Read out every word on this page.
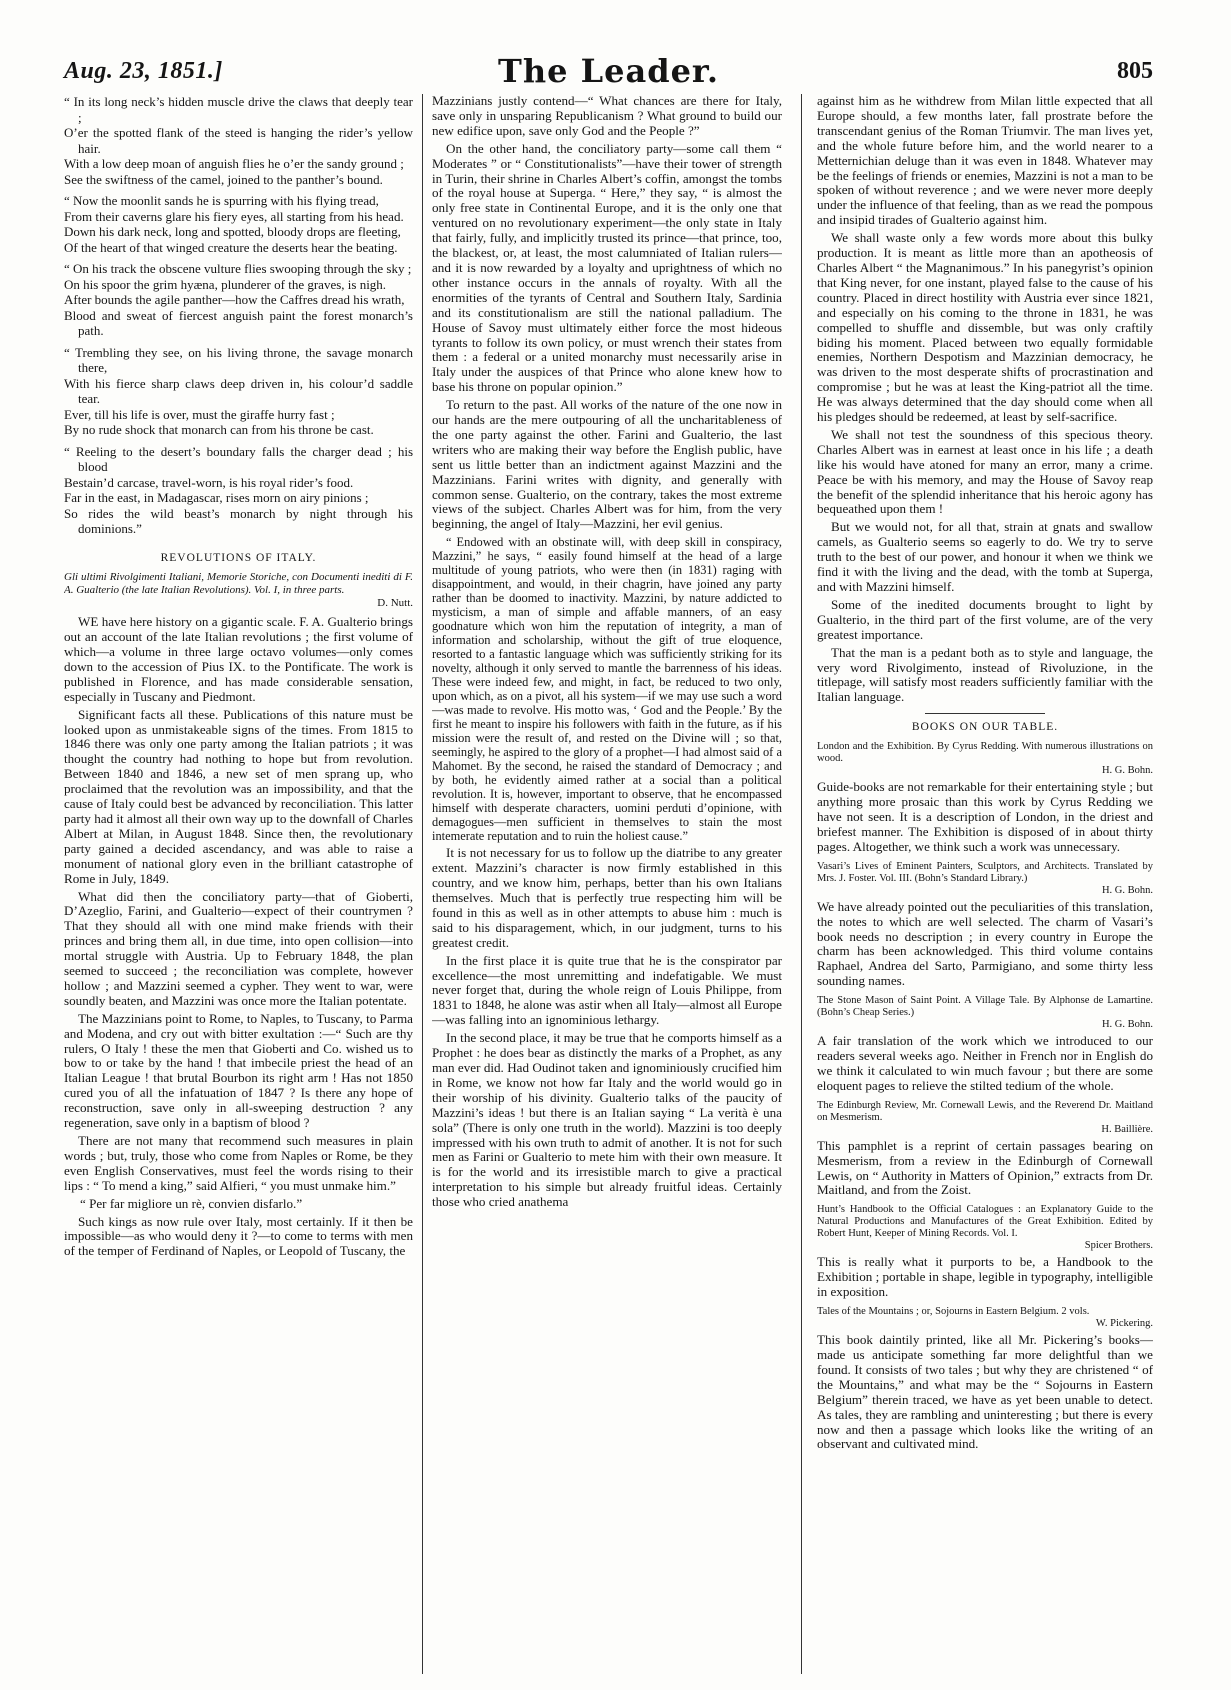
Aug. 23, 1851.]	The Leader.	805

“ In its long neck’s hidden muscle drive the claws that deeply tear ;

O’er the spotted flank of the steed is hanging the rider’s yellow hair.

With a low deep moan of anguish flies he o’er the sandy ground ;

See the swiftness of the camel, joined to the panther’s bound.

“ Now the moonlit sands he is spurring with his flying tread,

From their caverns glare his fiery eyes, all starting from his head.

Down his dark neck, long and spotted, bloody drops are fleeting,

Of the heart of that winged creature the deserts hear the beating.

“ On his track the obscene vulture flies swooping through the sky ;

On his spoor the grim hyæna, plunderer of the graves, is nigh.

After bounds the agile panther—how the Caffres dread his wrath,

Blood and sweat of fiercest anguish paint the forest monarch’s path.

“ Trembling they see, on his living throne, the savage monarch there,

With his fierce sharp claws deep driven in, his colour’d saddle tear.

Ever, till his life is over, must the giraffe hurry fast ;

By no rude shock that monarch can from his throne be cast.

“ Reeling to the desert’s boundary falls the charger dead ; his blood

Bestain’d carcase, travel-worn, is his royal rider’s food.

Far in the east, in Madagascar, rises morn on airy pinions ;

So rides the wild beast’s monarch by night through his dominions.”

REVOLUTIONS OF ITALY.

Gli ultimi Rivolgimenti Italiani, Memorie Storiche, con Documenti inediti di F. A. Gualterio (the late Italian Revolutions). Vol. I, in three parts.
D. Nutt.

WE have here history on a gigantic scale. F. A. Gualterio brings out an account of the late Italian revolutions ; the first volume of which—a volume in three large octavo volumes—only comes down to the accession of Pius IX. to the Pontificate. The work is published in Florence, and has made considerable sensation, especially in Tuscany and Piedmont.

Significant facts all these. Publications of this nature must be looked upon as unmistakeable signs of the times. From 1815 to 1846 there was only one party among the Italian patriots ; it was thought the country had nothing to hope but from revolution. Between 1840 and 1846, a new set of men sprang up, who proclaimed that the revolution was an impossibility, and that the cause of Italy could best be advanced by reconciliation. This latter party had it almost all their own way up to the downfall of Charles Albert at Milan, in August 1848. Since then, the revolutionary party gained a decided ascendancy, and was able to raise a monument of national glory even in the brilliant catastrophe of Rome in July, 1849.

What did then the conciliatory party—that of Gioberti, D’Azeglio, Farini, and Gualterio—expect of their countrymen ? That they should all with one mind make friends with their princes and bring them all, in due time, into open collision—into mortal struggle with Austria. Up to February 1848, the plan seemed to succeed ; the reconciliation was complete, however hollow ; and Mazzini seemed a cypher. They went to war, were soundly beaten, and Mazzini was once more the Italian potentate.

The Mazzinians point to Rome, to Naples, to Tuscany, to Parma and Modena, and cry out with bitter exultation :—“ Such are thy rulers, O Italy ! these the men that Gioberti and Co. wished us to bow to or take by the hand ! that imbecile priest the head of an Italian League ! that brutal Bourbon its right arm ! Has not 1850 cured you of all the infatuation of 1847 ? Is there any hope of reconstruction, save only in all-sweeping destruction ? any regeneration, save only in a baptism of blood ?

There are not many that recommend such measures in plain words ; but, truly, those who come from Naples or Rome, be they even English Conservatives, must feel the words rising to their lips : “ To mend a king,” said Alfieri, “ you must unmake him.”

“ Per far migliore un rè, convien disfarlo.”

Such kings as now rule over Italy, most certainly. If it then be impossible—as who would deny it ?—to come to terms with men of the temper of Ferdinand of Naples, or Leopold of Tuscany, the

Mazzinians justly contend—“ What chances are there for Italy, save only in unsparing Republicanism ? What ground to build our new edifice upon, save only God and the People ?”

On the other hand, the conciliatory party—some call them “ Moderates ” or “ Constitutionalists”—have their tower of strength in Turin, their shrine in Charles Albert’s coffin, amongst the tombs of the royal house at Superga. “ Here,” they say, “ is almost the only free state in Continental Europe, and it is the only one that ventured on no revolutionary experiment—the only state in Italy that fairly, fully, and implicitly trusted its prince—that prince, too, the blackest, or, at least, the most calumniated of Italian rulers—and it is now rewarded by a loyalty and uprightness of which no other instance occurs in the annals of royalty. With all the enormities of the tyrants of Central and Southern Italy, Sardinia and its constitutionalism are still the national palladium. The House of Savoy must ultimately either force the most hideous tyrants to follow its own policy, or must wrench their states from them : a federal or a united monarchy must necessarily arise in Italy under the auspices of that Prince who alone knew how to base his throne on popular opinion.”

To return to the past. All works of the nature of the one now in our hands are the mere outpouring of all the uncharitableness of the one party against the other. Farini and Gualterio, the last writers who are making their way before the English public, have sent us little better than an indictment against Mazzini and the Mazzinians. Farini writes with dignity, and generally with common sense. Gualterio, on the contrary, takes the most extreme views of the subject. Charles Albert was for him, from the very beginning, the angel of Italy—Mazzini, her evil genius.

“ Endowed with an obstinate will, with deep skill in conspiracy, Mazzini,” he says, “ easily found himself at the head of a large multitude of young patriots, who were then (in 1831) raging with disappointment, and would, in their chagrin, have joined any party rather than be doomed to inactivity. Mazzini, by nature addicted to mysticism, a man of simple and affable manners, of an easy goodnature which won him the reputation of integrity, a man of information and scholarship, without the gift of true eloquence, resorted to a fantastic language which was sufficiently striking for its novelty, although it only served to mantle the barrenness of his ideas. These were indeed few, and might, in fact, be reduced to two only, upon which, as on a pivot, all his system—if we may use such a word—was made to revolve. His motto was, ‘ God and the People.’ By the first he meant to inspire his followers with faith in the future, as if his mission were the result of, and rested on the Divine will ; so that, seemingly, he aspired to the glory of a prophet—I had almost said of a Mahomet. By the second, he raised the standard of Democracy ; and by both, he evidently aimed rather at a social than a political revolution. It is, however, important to observe, that he encompassed himself with desperate characters, uomini perduti d’opinione, with demagogues—men sufficient in themselves to stain the most intemerate reputation and to ruin the holiest cause.”

It is not necessary for us to follow up the diatribe to any greater extent. Mazzini’s character is now firmly established in this country, and we know him, perhaps, better than his own Italians themselves. Much that is perfectly true respecting him will be found in this as well as in other attempts to abuse him : much is said to his disparagement, which, in our judgment, turns to his greatest credit.

In the first place it is quite true that he is the conspirator par excellence—the most unremitting and indefatigable. We must never forget that, during the whole reign of Louis Philippe, from 1831 to 1848, he alone was astir when all Italy—almost all Europe—was falling into an ignominious lethargy.

In the second place, it may be true that he comports himself as a Prophet : he does bear as distinctly the marks of a Prophet, as any man ever did. Had Oudinot taken and ignominiously crucified him in Rome, we know not how far Italy and the world would go in their worship of his divinity. Gualterio talks of the paucity of Mazzini’s ideas ! but there is an Italian saying “ La verità è una sola” (There is only one truth in the world). Mazzini is too deeply impressed with his own truth to admit of another. It is not for such men as Farini or Gualterio to mete him with their own measure. It is for the world and its irresistible march to give a practical interpretation to his simple but already fruitful ideas. Certainly those who cried anathema

against him as he withdrew from Milan little expected that all Europe should, a few months later, fall prostrate before the transcendant genius of the Roman Triumvir. The man lives yet, and the whole future before him, and the world nearer to a Metternichian deluge than it was even in 1848. Whatever may be the feelings of friends or enemies, Mazzini is not a man to be spoken of without reverence ; and we were never more deeply under the influence of that feeling, than as we read the pompous and insipid tirades of Gualterio against him.

We shall waste only a few words more about this bulky production. It is meant as little more than an apotheosis of Charles Albert “ the Magnanimous.” In his panegyrist’s opinion that King never, for one instant, played false to the cause of his country. Placed in direct hostility with Austria ever since 1821, and especially on his coming to the throne in 1831, he was compelled to shuffle and dissemble, but was only craftily biding his moment. Placed between two equally formidable enemies, Northern Despotism and Mazzinian democracy, he was driven to the most desperate shifts of procrastination and compromise ; but he was at least the King-patriot all the time. He was always determined that the day should come when all his pledges should be redeemed, at least by self-sacrifice.

We shall not test the soundness of this specious theory. Charles Albert was in earnest at least once in his life ; a death like his would have atoned for many an error, many a crime. Peace be with his memory, and may the House of Savoy reap the benefit of the splendid inheritance that his heroic agony has bequeathed upon them !

But we would not, for all that, strain at gnats and swallow camels, as Gualterio seems so eagerly to do. We try to serve truth to the best of our power, and honour it when we think we find it with the living and the dead, with the tomb at Superga, and with Mazzini himself.

Some of the inedited documents brought to light by Gualterio, in the third part of the first volume, are of the very greatest importance.

That the man is a pedant both as to style and language, the very word Rivolgimento, instead of Rivoluzione, in the titlepage, will satisfy most readers sufficiently familiar with the Italian language.

BOOKS ON OUR TABLE.

London and the Exhibition. By Cyrus Redding. With numerous illustrations on wood.
H. G. Bohn.

Guide-books are not remarkable for their entertaining style ; but anything more prosaic than this work by Cyrus Redding we have not seen. It is a description of London, in the driest and briefest manner. The Exhibition is disposed of in about thirty pages. Altogether, we think such a work was unnecessary.

Vasari’s Lives of Eminent Painters, Sculptors, and Architects. Translated by Mrs. J. Foster. Vol. III. (Bohn’s Standard Library.)
H. G. Bohn.

We have already pointed out the peculiarities of this translation, the notes to which are well selected. The charm of Vasari’s book needs no description ; in every country in Europe the charm has been acknowledged. This third volume contains Raphael, Andrea del Sarto, Parmigiano, and some thirty less sounding names.

The Stone Mason of Saint Point. A Village Tale. By Alphonse de Lamartine. (Bohn’s Cheap Series.)
H. G. Bohn.

A fair translation of the work which we introduced to our readers several weeks ago. Neither in French nor in English do we think it calculated to win much favour ; but there are some eloquent pages to relieve the stilted tedium of the whole.

The Edinburgh Review, Mr. Cornewall Lewis, and the Reverend Dr. Maitland on Mesmerism.
H. Baillière.

This pamphlet is a reprint of certain passages bearing on Mesmerism, from a review in the Edinburgh of Cornewall Lewis, on “ Authority in Matters of Opinion,” extracts from Dr. Maitland, and from the Zoist.

Hunt’s Handbook to the Official Catalogues : an Explanatory Guide to the Natural Productions and Manufactures of the Great Exhibition. Edited by Robert Hunt, Keeper of Mining Records. Vol. I.
Spicer Brothers.

This is really what it purports to be, a Handbook to the Exhibition ; portable in shape, legible in typography, intelligible in exposition.

Tales of the Mountains ; or, Sojourns in Eastern Belgium. 2 vols.
W. Pickering.

This book daintily printed, like all Mr. Pickering’s books—made us anticipate something far more delightful than we found. It consists of two tales ; but why they are christened “ of the Mountains,” and what may be the “ Sojourns in Eastern Belgium” therein traced, we have as yet been unable to detect. As tales, they are rambling and uninteresting ; but there is every now and then a passage which looks like the writing of an observant and cultivated mind.
